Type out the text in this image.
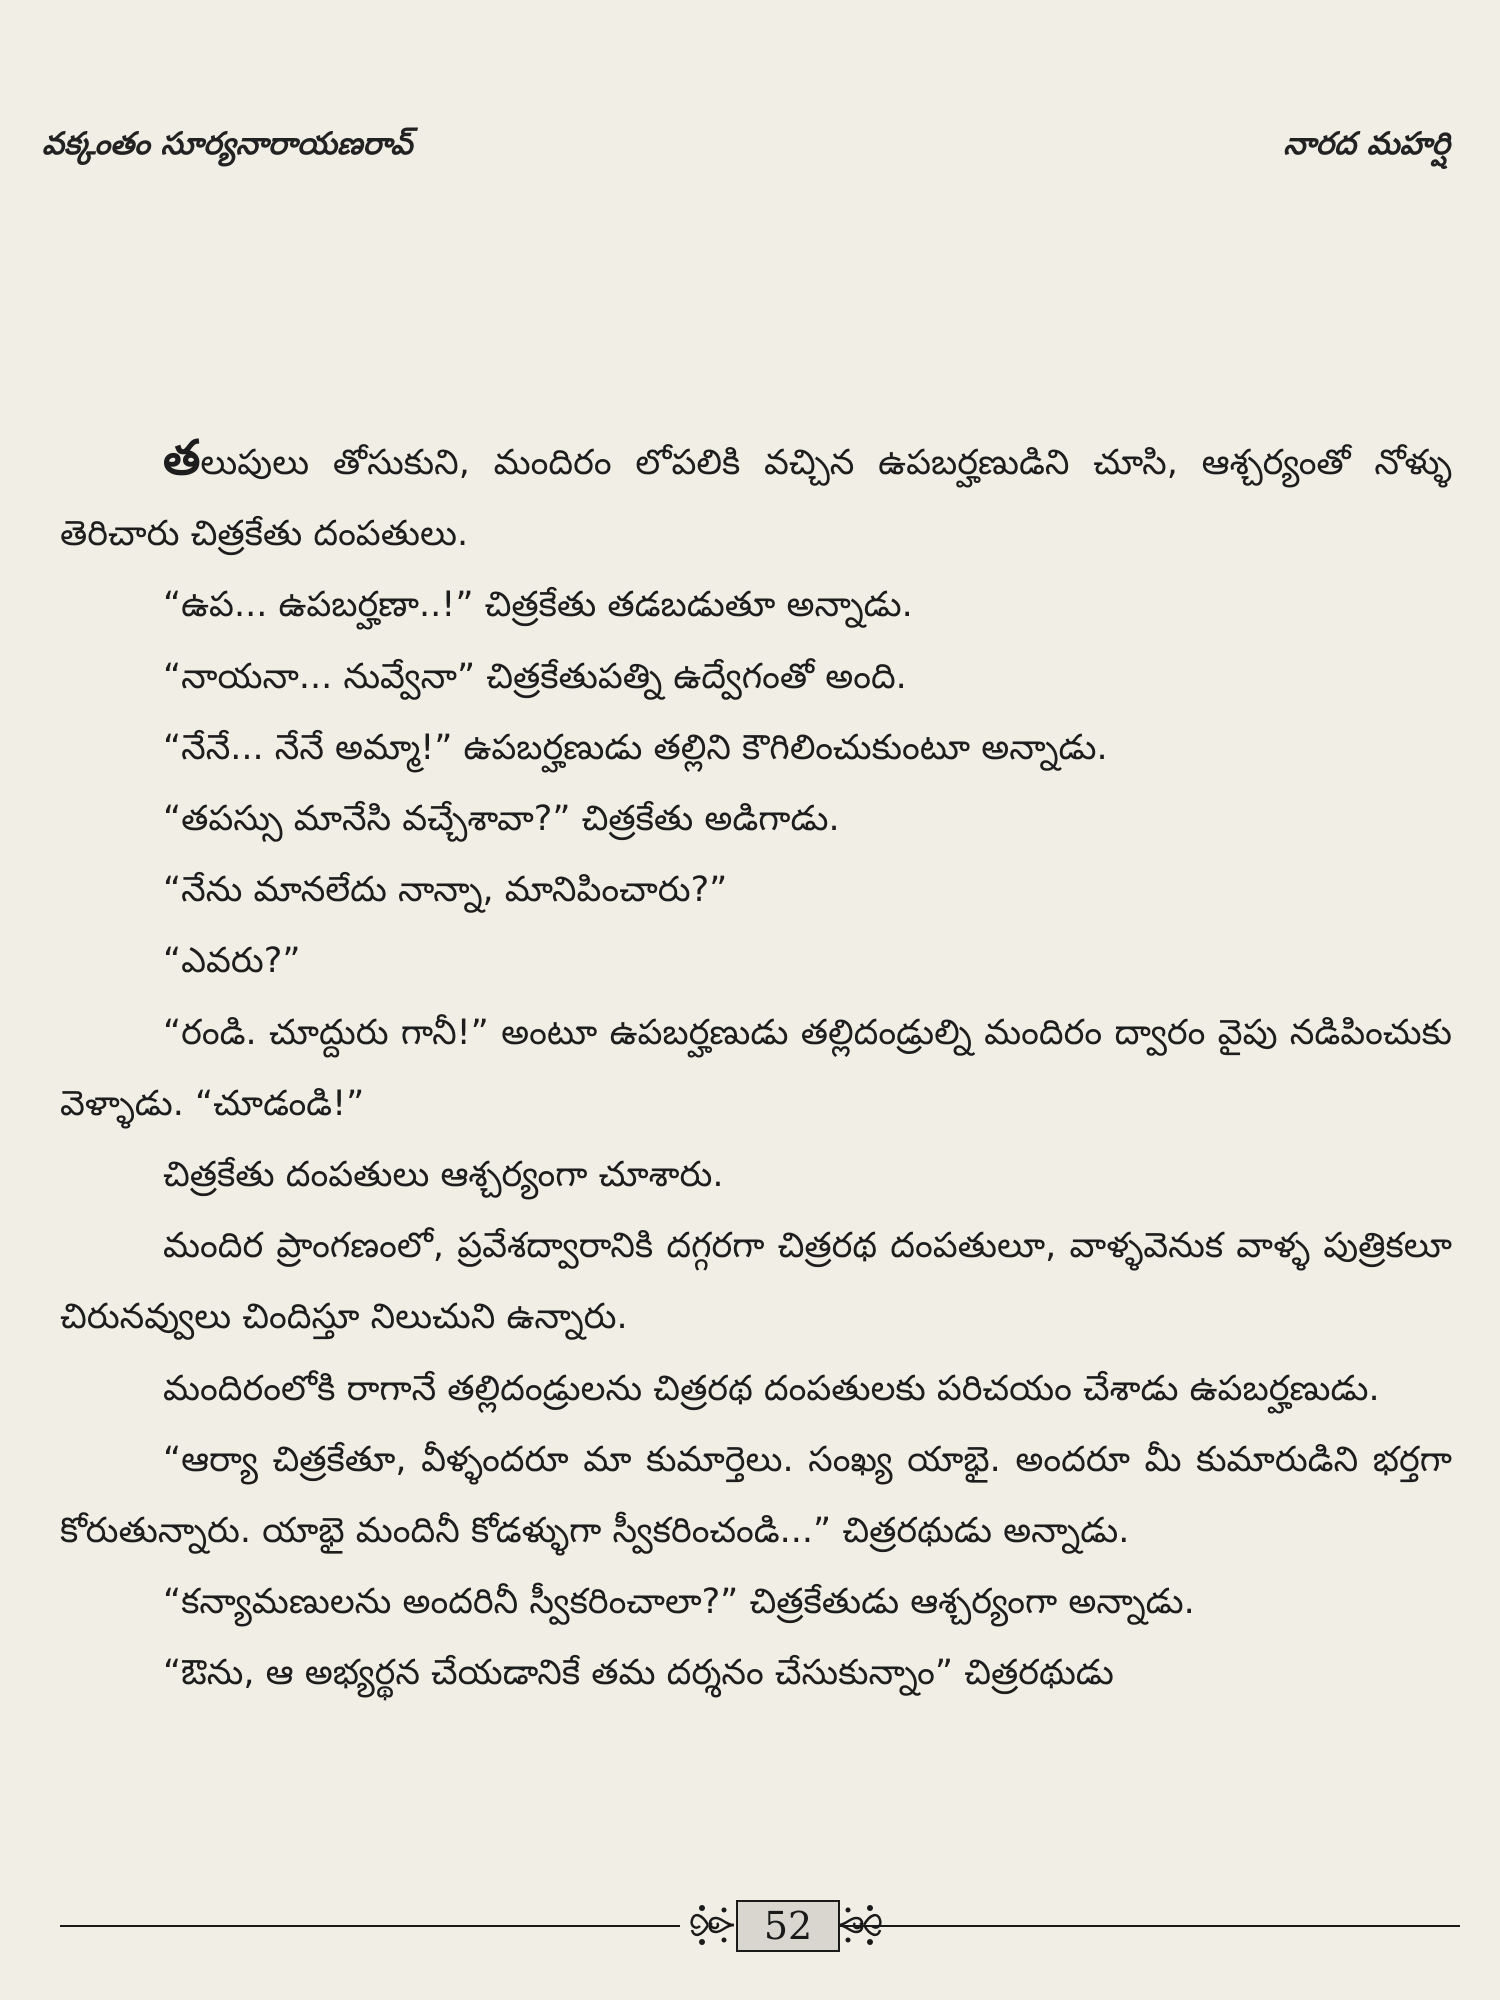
వక్కంతం సూర్యనారాయణరావ్	నారద మహర్షి

తలుపులు తోసుకుని, మందిరం లోపలికి వచ్చిన ఉపబర్హణుడిని చూసి, ఆశ్చర్యంతో నోళ్ళు తెరిచారు చిత్రకేతు దంపతులు.

“ఉప... ఉపబర్హణా..!” చిత్రకేతు తడబడుతూ అన్నాడు.

“నాయనా... నువ్వేనా” చిత్రకేతుపత్ని ఉద్వేగంతో అంది.

“నేనే... నేనే అమ్మా!” ఉపబర్హణుడు తల్లిని కౌగిలించుకుంటూ అన్నాడు.

“తపస్సు మానేసి వచ్చేశావా?” చిత్రకేతు అడిగాడు.

“నేను మానలేదు నాన్నా, మానిపించారు?”

“ఎవరు?”

“రండి. చూద్దురు గానీ!” అంటూ ఉపబర్హణుడు తల్లిదండ్రుల్ని మందిరం ద్వారం వైపు నడిపించుకు వెళ్ళాడు. “చూడండి!”

చిత్రకేతు దంపతులు ఆశ్చర్యంగా చూశారు.

మందిర ప్రాంగణంలో, ప్రవేశద్వారానికి దగ్గరగా చిత్రరథ దంపతులూ, వాళ్ళవెనుక వాళ్ళ పుత్రికలూ చిరునవ్వులు చిందిస్తూ నిలుచుని ఉన్నారు.

మందిరంలోకి రాగానే తల్లిదండ్రులను చిత్రరథ దంపతులకు పరిచయం చేశాడు ఉపబర్హణుడు.

“ఆర్యా చిత్రకేతూ, వీళ్ళందరూ మా కుమార్తెలు. సంఖ్య యాభై. అందరూ మీ కుమారుడిని భర్తగా కోరుతున్నారు. యాభై మందినీ కోడళ్ళుగా స్వీకరించండి...” చిత్రరథుడు అన్నాడు.

“కన్యామణులను అందరినీ స్వీకరించాలా?” చిత్రకేతుడు ఆశ్చర్యంగా అన్నాడు.

“ఔను, ఆ అభ్యర్థన చేయడానికే తమ దర్శనం చేసుకున్నాం” చిత్రరథుడు

52
